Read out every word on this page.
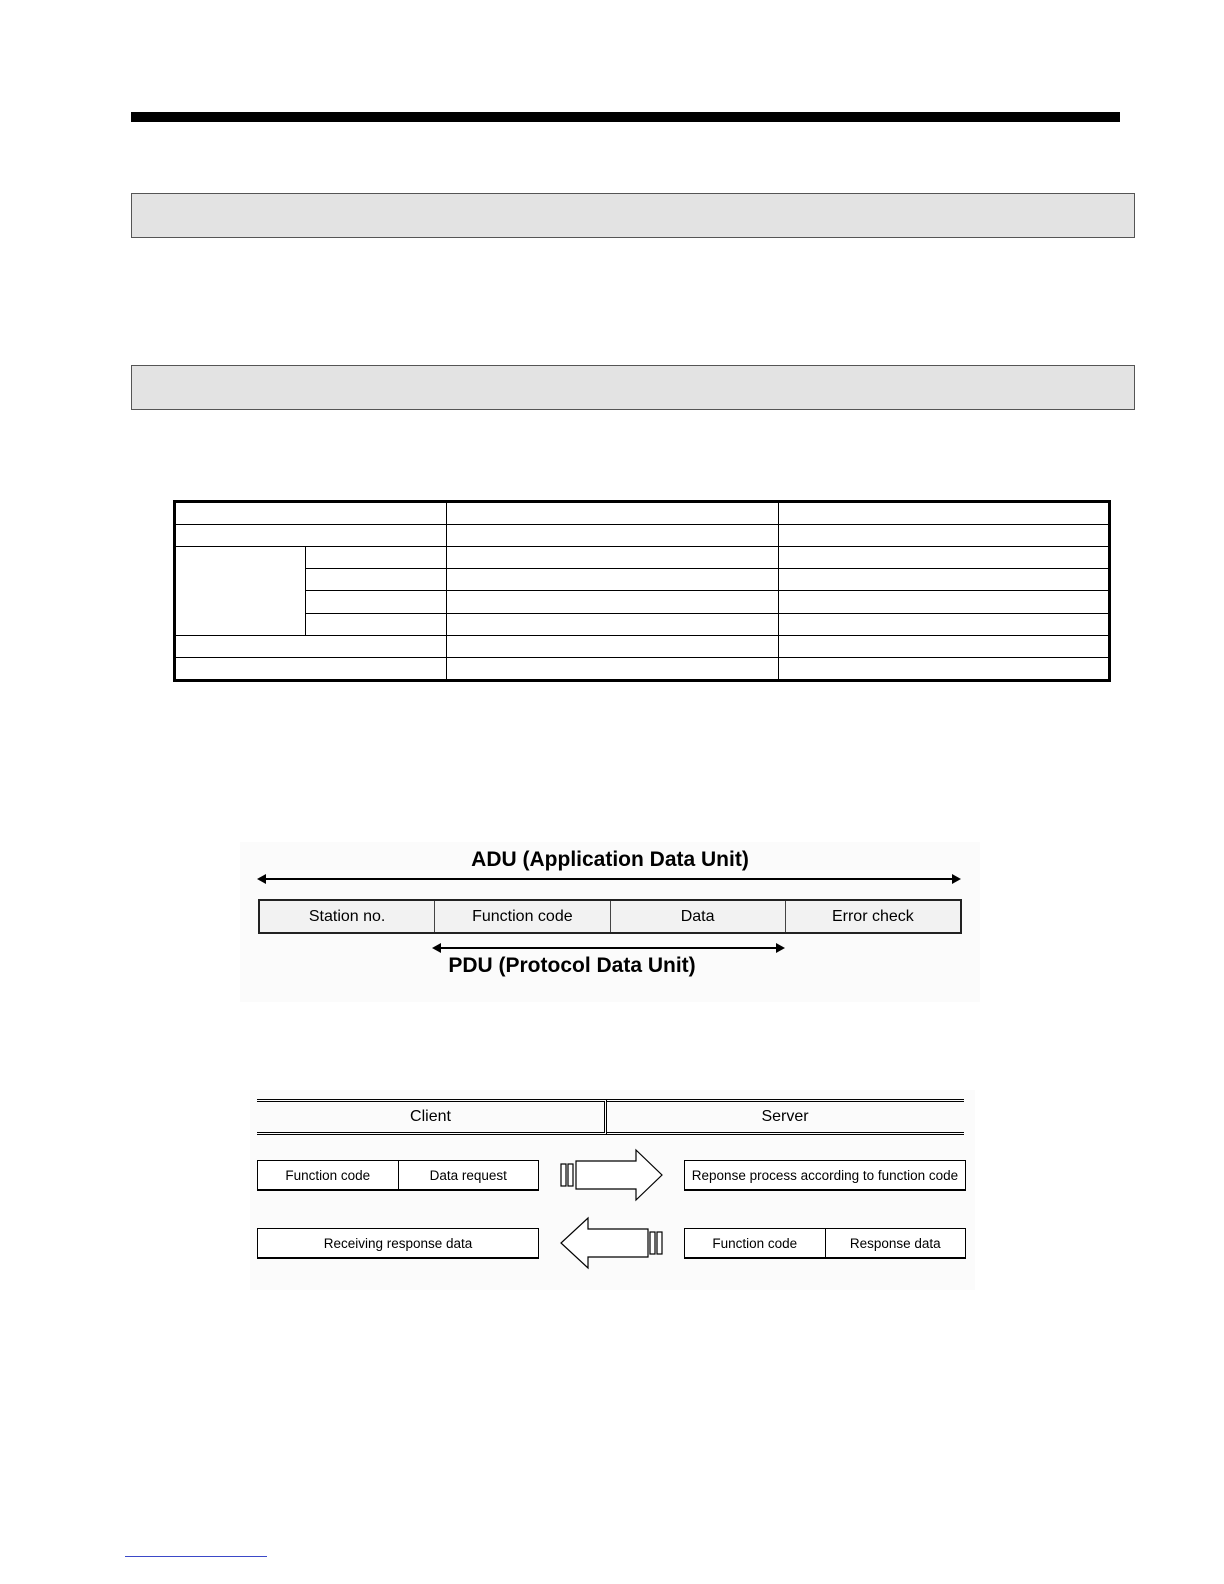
ADU (Application Data Unit)
Station no.	Function code	Data	Error check
PDU (Protocol Data Unit)
Client	Server
Function code	Data request	Reponse process according to function code
Receiving response data	Function code	Response data
